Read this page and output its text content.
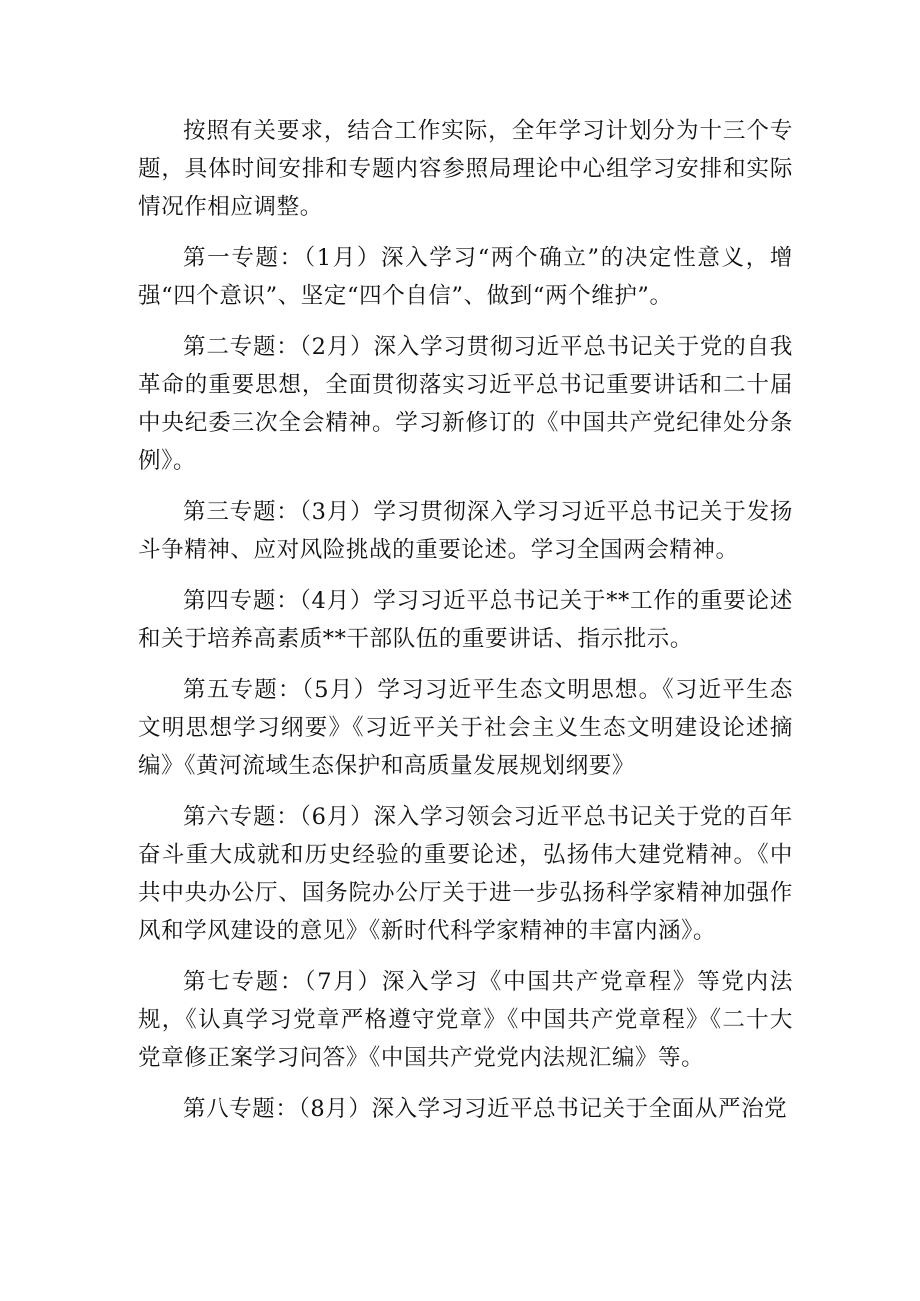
按照有关要求，结合工作实际，全年学习计划分为十三个专题，具体时间安排和专题内容参照局理论中心组学习安排和实际情况作相应调整。

第一专题：（1月）深入学习“两个确立”的决定性意义，增强“四个意识”、坚定“四个自信”、做到“两个维护”。

第二专题：（2月）深入学习贯彻习近平总书记关于党的自我革命的重要思想，全面贯彻落实习近平总书记重要讲话和二十届中央纪委三次全会精神。学习新修订的《中国共产党纪律处分条例》。

第三专题：（3月）学习贯彻深入学习习近平总书记关于发扬斗争精神、应对风险挑战的重要论述。学习全国两会精神。

第四专题：（4月）学习习近平总书记关于**工作的重要论述和关于培养高素质**干部队伍的重要讲话、指示批示。

第五专题：（5月）学习习近平生态文明思想。《习近平生态文明思想学习纲要》《习近平关于社会主义生态文明建设论述摘编》《黄河流域生态保护和高质量发展规划纲要》

第六专题：（6月）深入学习领会习近平总书记关于党的百年奋斗重大成就和历史经验的重要论述，弘扬伟大建党精神。《中共中央办公厅、国务院办公厅关于进一步弘扬科学家精神加强作风和学风建设的意见》《新时代科学家精神的丰富内涵》。

第七专题：（7月）深入学习《中国共产党章程》等党内法规，《认真学习党章严格遵守党章》《中国共产党章程》《二十大党章修正案学习问答》《中国共产党党内法规汇编》等。

第八专题：（8月）深入学习习近平总书记关于全面从严治党
